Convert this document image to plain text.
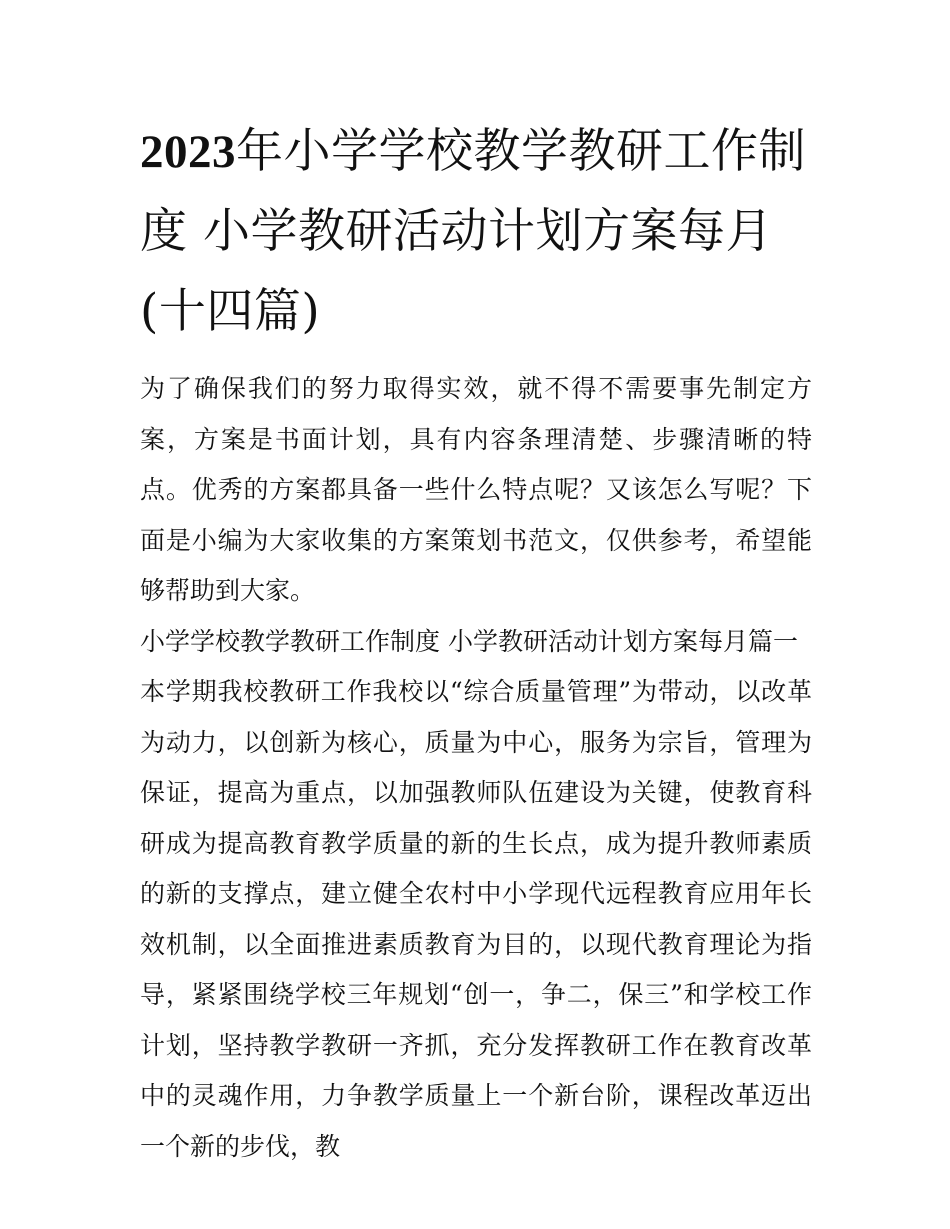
2023年小学学校教学教研工作制度 小学教研活动计划方案每月(十四篇)

为了确保我们的努力取得实效，就不得不需要事先制定方案，方案是书面计划，具有内容条理清楚、步骤清晰的特点。优秀的方案都具备一些什么特点呢？又该怎么写呢？下面是小编为大家收集的方案策划书范文，仅供参考，希望能够帮助到大家。

小学学校教学教研工作制度 小学教研活动计划方案每月篇一

本学期我校教研工作我校以“综合质量管理”为带动，以改革为动力，以创新为核心，质量为中心，服务为宗旨，管理为保证，提高为重点，以加强教师队伍建设为关键，使教育科研成为提高教育教学质量的新的生长点，成为提升教师素质的新的支撑点，建立健全农村中小学现代远程教育应用年长效机制，以全面推进素质教育为目的，以现代教育理论为指导，紧紧围绕学校三年规划“创一，争二，保三”和学校工作计划，坚持教学教研一齐抓，充分发挥教研工作在教育改革中的灵魂作用，力争教学质量上一个新台阶，课程改革迈出一个新的步伐，教
